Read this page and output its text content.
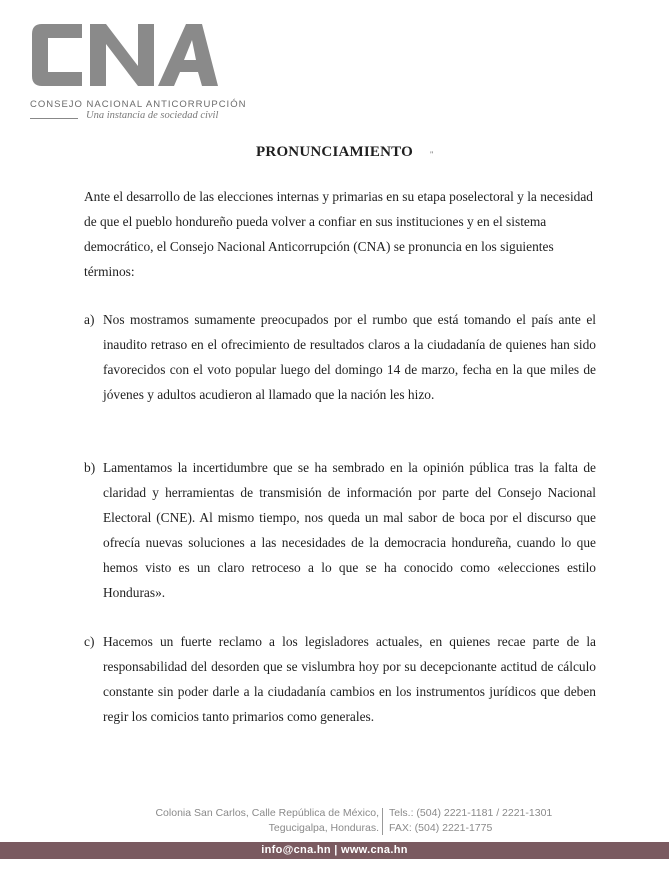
CONSEJO NACIONAL ANTICORRUPCIÓN
Una instancia de sociedad civil
PRONUNCIAMIENTO	"

Ante el desarrollo de las elecciones internas y primarias en su etapa poselectoral y la necesidad de que el pueblo hondureño pueda volver a confiar en sus instituciones y en el sistema democrático, el Consejo Nacional Anticorrupción (CNA) se pronuncia en los siguientes términos:

a) Nos mostramos sumamente preocupados por el rumbo que está tomando el país ante el inaudito retraso en el ofrecimiento de resultados claros a la ciudadanía de quienes han sido favorecidos con el voto popular luego del domingo 14 de marzo, fecha en la que miles de jóvenes y adultos acudieron al llamado que la nación les hizo.
b) Lamentamos la incertidumbre que se ha sembrado en la opinión pública tras la falta de claridad y herramientas de transmisión de información por parte del Consejo Nacional Electoral (CNE). Al mismo tiempo, nos queda un mal sabor de boca por el discurso que ofrecía nuevas soluciones a las necesidades de la democracia hondureña, cuando lo que hemos visto es un claro retroceso a lo que se ha conocido como «elecciones estilo Honduras».
c) Hacemos un fuerte reclamo a los legisladores actuales, en quienes recae parte de la responsabilidad del desorden que se vislumbra hoy por su decepcionante actitud de cálculo constante sin poder darle a la ciudadanía cambios en los instrumentos jurídicos que deben regir los comicios tanto primarios como generales.
Colonia San Carlos, Calle República de México,
Tegucigalpa, Honduras.
Tels.: (504) 2221-1181 / 2221-1301
FAX: (504) 2221-1775
info@cna.hn | www.cna.hn
